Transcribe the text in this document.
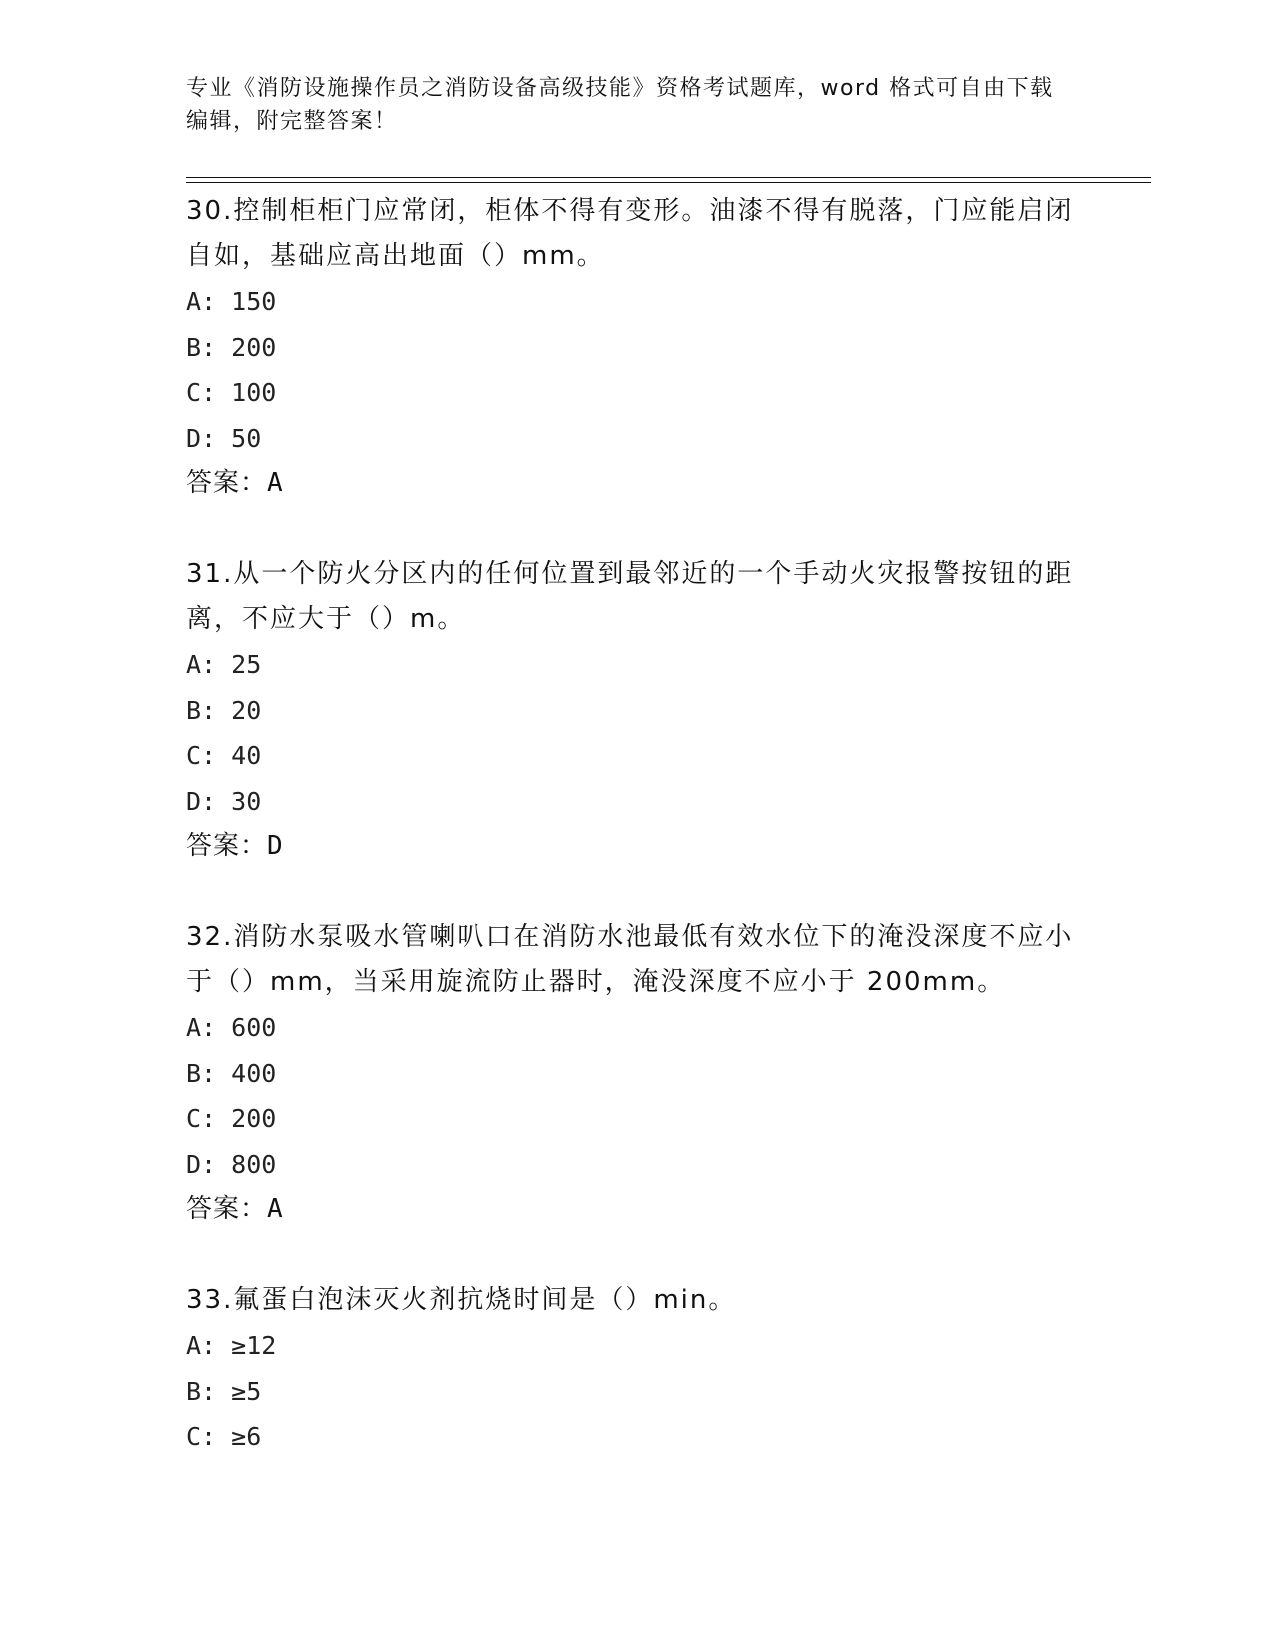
专业《消防设施操作员之消防设备高级技能》资格考试题库，word 格式可自由下载编辑，附完整答案！

30.控制柜柜门应常闭，柜体不得有变形。油漆不得有脱落，门应能启闭自如，基础应高出地面（）mm。

A: 150

B: 200

C: 100

D: 50

答案：A

31.从一个防火分区内的任何位置到最邻近的一个手动火灾报警按钮的距离，不应大于（）m。

A: 25

B: 20

C: 40

D: 30

答案：D

32.消防水泵吸水管喇叭口在消防水池最低有效水位下的淹没深度不应小于（）mm，当采用旋流防止器时，淹没深度不应小于 200mm。

A: 600

B: 400

C: 200

D: 800

答案：A

33.氟蛋白泡沫灭火剂抗烧时间是（）min。

A: ≥12

B: ≥5

C: ≥6
